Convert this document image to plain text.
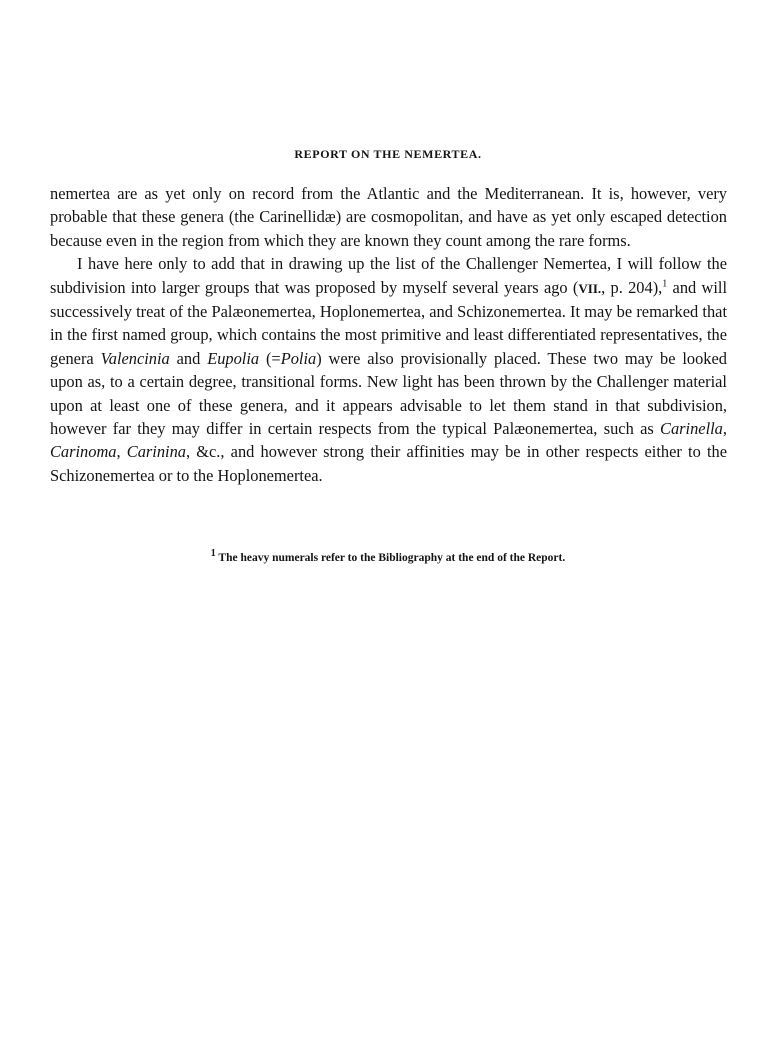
REPORT ON THE NEMERTEA.

nemertea are as yet only on record from the Atlantic and the Mediterranean. It is, however, very probable that these genera (the Carinellidæ) are cosmopolitan, and have as yet only escaped detection because even in the region from which they are known they count among the rare forms.

I have here only to add that in drawing up the list of the Challenger Nemertea, I will follow the subdivision into larger groups that was proposed by myself several years ago (VII., p. 204),$^1$ and will successively treat of the Palæonemertea, Hoplonemertea, and Schizonemertea. It may be remarked that in the first named group, which contains the most primitive and least differentiated representatives, the genera Valencinia and Eupolia (=Polia) were also provisionally placed. These two may be looked upon as, to a certain degree, transitional forms. New light has been thrown by the Challenger material upon at least one of these genera, and it appears advisable to let them stand in that subdivision, however far they may differ in certain respects from the typical Palæonemertea, such as Carinella, Carinoma, Carinina, &c., and however strong their affinities may be in other respects either to the Schizonemertea or to the Hoplonemertea.

$^1$ The heavy numerals refer to the Bibliography at the end of the Report.
